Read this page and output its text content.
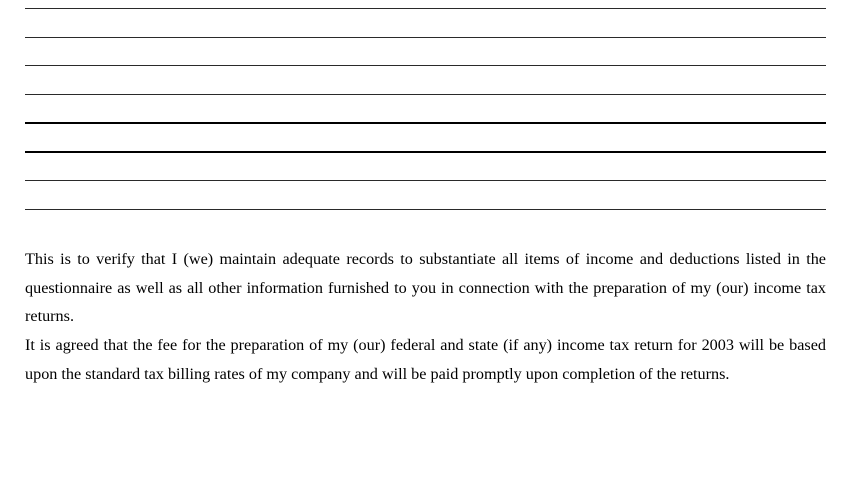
This is to verify that I (we) maintain adequate records to substantiate all items of income and deductions listed in the questionnaire as well as all other information furnished to you in connection with the preparation of my (our) income tax returns.

It is agreed that the fee for the preparation of my (our) federal and state (if any) income tax return for 2003 will be based upon the standard tax billing rates of my company and will be paid promptly upon completion of the returns.
